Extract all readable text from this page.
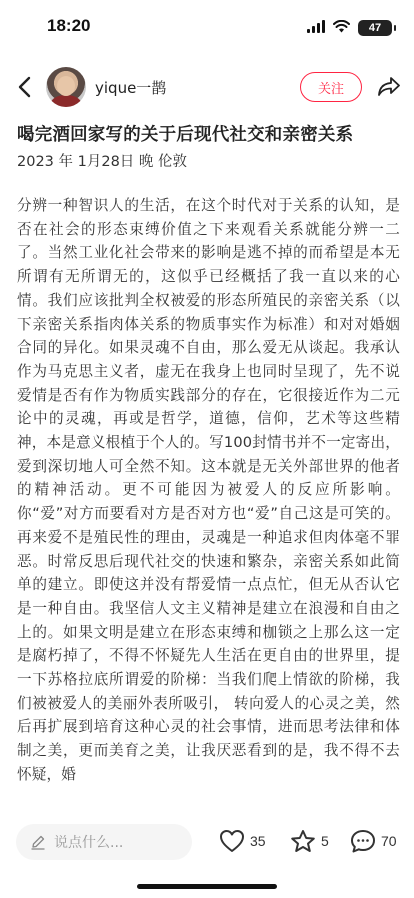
18:20	47
yique一鹊	关注
喝完酒回家写的关于后现代社交和亲密关系
2023 年 1月28日 晚 伦敦
分辨一种智识人的生活，在这个时代对于关系的认知，是否在社会的形态束缚价值之下来观看关系就能分辨一二了。当然工业化社会带来的影响是逃不掉的而希望是本无所谓有无所谓无的，这似乎已经概括了我一直以来的心情。我们应该批判全权被爱的形态所殖民的亲密关系（以下亲密关系指肉体关系的物质事实作为标准）和对对婚姻合同的异化。如果灵魂不自由，那么爱无从谈起。我承认作为马克思主义者，虚无在我身上也同时呈现了，先不说爱情是否有作为物质实践部分的存在，它很接近作为二元论中的灵魂，再或是哲学，道德，信仰，艺术等这些精神，本是意义根植于个人的。写100封情书并不一定寄出，爱到深切地人可全然不知。这本就是无关外部世界的他者的精神活动。更不可能因为被爱人的反应所影响。你“爱”对方而要看对方是否对方也“爱”自己这是可笑的。再来爱不是殖民性的理由，灵魂是一种追求但肉体毫不罪恶。时常反思后现代社交的快速和繁杂，亲密关系如此简单的建立。即使这并没有帮爱情一点点忙，但无从否认它是一种自由。我坚信人文主义精神是建立在浪漫和自由之上的。如果文明是建立在形态束缚和枷锁之上那么这一定是腐朽掉了，不得不怀疑先人生活在更自由的世界里，提一下苏格拉底所谓爱的阶梯：当我们爬上情欲的阶梯，我们被被爱人的美丽外表所吸引， 转向爱人的心灵之美，然后再扩展到培育这种心灵的社会事情，进而思考法律和体制之美，更而美育之美，让我厌恶看到的是，我不得不去怀疑，婚
说点什么...	35	5	70
